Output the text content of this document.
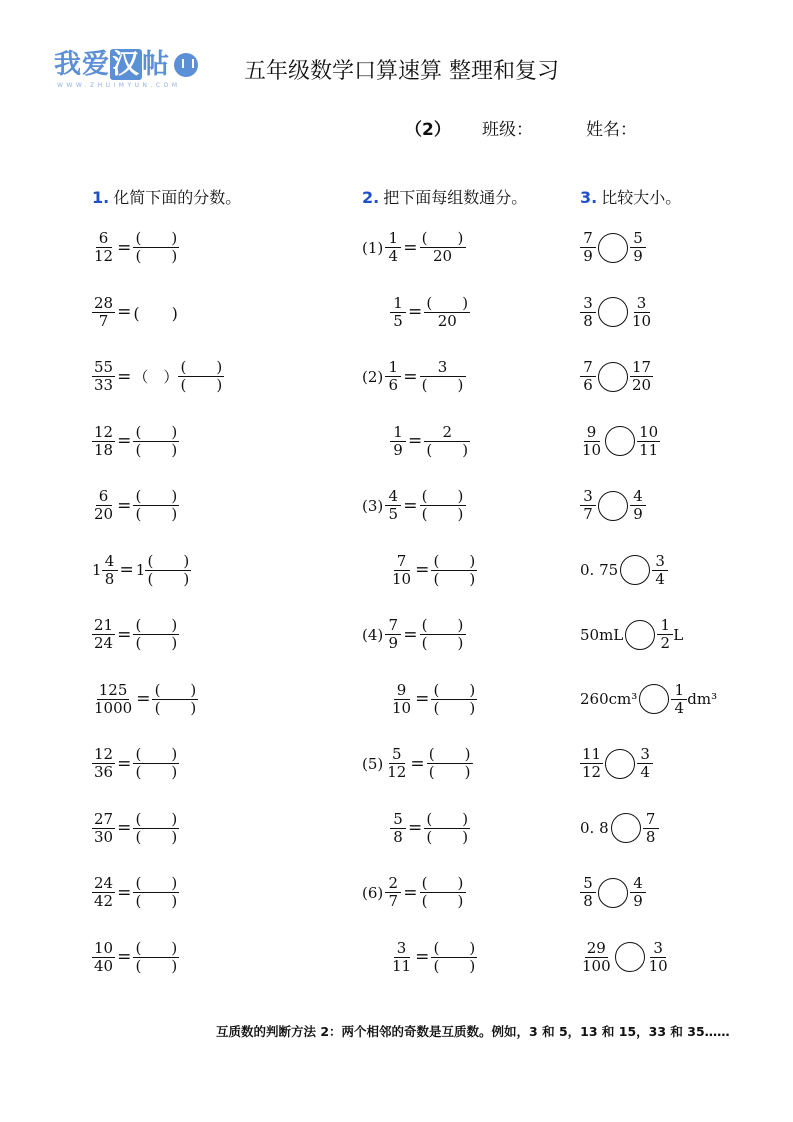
我爱汉帖
WWW.ZHUIMYUN.COM
五年级数学口算速算 整理和复习
（2） 班级：	姓名：
1. 化简下面的分数。	2. 把下面每组数通分。	3. 比较大小。
$\frac{6}{12} = \frac{( )}{( )}$
$\frac{28}{7}$ = (　　)
$\frac{55}{33}$ = （　） $\frac{( )}{( )}$
$\frac{12}{18} = \frac{( )}{( )}$
$\frac{6}{20} = \frac{( )}{( )}$
$1 \frac{4}{8} = 1 \frac{( )}{( )}$
$\frac{21}{24} = \frac{( )}{( )}$
$\frac{125}{1000} = \frac{( )}{( )}$
$\frac{12}{36} = \frac{( )}{( )}$
$\frac{27}{30} = \frac{( )}{( )}$
$\frac{24}{42} = \frac{( )}{( )}$
$\frac{10}{40} = \frac{( )}{( )}$
$(1) \frac{1}{4} = \frac{( )}{20}$
$\frac{1}{5} = \frac{( )}{20}$
$(2) \frac{1}{6} = \frac{3}{( )}$
$\frac{1}{9} = \frac{2}{( )}$
$(3) \frac{4}{5} = \frac{( )}{( )}$
$\frac{7}{10} = \frac{( )}{( )}$
$(4) \frac{7}{9} = \frac{( )}{( )}$
$\frac{9}{10} = \frac{( )}{( )}$
$(5) \frac{5}{12} = \frac{( )}{( )}$
$\frac{5}{8} = \frac{( )}{( )}$
$(6) \frac{2}{7} = \frac{( )}{( )}$
$\frac{3}{11} = \frac{( )}{( )}$
$\frac{7}{9} \frac{5}{9}$
$\frac{3}{8} \frac{3}{10}$
$\frac{7}{6} \frac{17}{20}$
$\frac{9}{10} \frac{10}{11}$
$\frac{3}{7} \frac{4}{9}$
0. $75 \frac{3}{4}$
$50mL \frac{1}{2}$ L
$260cm^3 \frac{1}{4} dm^3$
$\frac{11}{12} \frac{3}{4}$
0. $8 \frac{7}{8}$
$\frac{5}{8} \frac{4}{9}$
$\frac{29}{100} \frac{3}{10}$
互质数的判断方法 2：两个相邻的奇数是互质数。例如，3 和 5，13 和 15，33 和 35……
